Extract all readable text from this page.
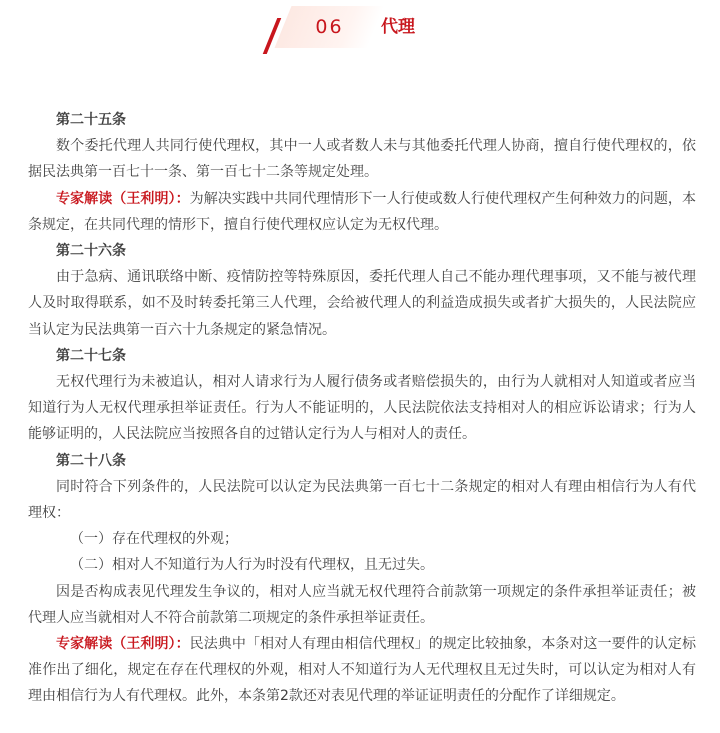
06	代理

第二十五条

数个委托代理人共同行使代理权，其中一人或者数人未与其他委托代理人协商，擅自行使代理权的，依据民法典第一百七十一条、第一百七十二条等规定处理。

专家解读（王利明）：为解决实践中共同代理情形下一人行使或数人行使代理权产生何种效力的问题，本条规定，在共同代理的情形下，擅自行使代理权应认定为无权代理。

第二十六条

由于急病、通讯联络中断、疫情防控等特殊原因，委托代理人自己不能办理代理事项，又不能与被代理人及时取得联系，如不及时转委托第三人代理，会给被代理人的利益造成损失或者扩大损失的，人民法院应当认定为民法典第一百六十九条规定的紧急情况。

第二十七条

无权代理行为未被追认，相对人请求行为人履行债务或者赔偿损失的，由行为人就相对人知道或者应当知道行为人无权代理承担举证责任。行为人不能证明的，人民法院依法支持相对人的相应诉讼请求；行为人能够证明的，人民法院应当按照各自的过错认定行为人与相对人的责任。

第二十八条

同时符合下列条件的，人民法院可以认定为民法典第一百七十二条规定的相对人有理由相信行为人有代理权：

（一）存在代理权的外观；

（二）相对人不知道行为人行为时没有代理权，且无过失。

因是否构成表见代理发生争议的，相对人应当就无权代理符合前款第一项规定的条件承担举证责任；被代理人应当就相对人不符合前款第二项规定的条件承担举证责任。

专家解读（王利明）：民法典中「相对人有理由相信代理权」的规定比较抽象，本条对这一要件的认定标准作出了细化，规定在存在代理权的外观，相对人不知道行为人无代理权且无过失时，可以认定为相对人有理由相信行为人有代理权。此外，本条第2款还对表见代理的举证证明责任的分配作了详细规定。
